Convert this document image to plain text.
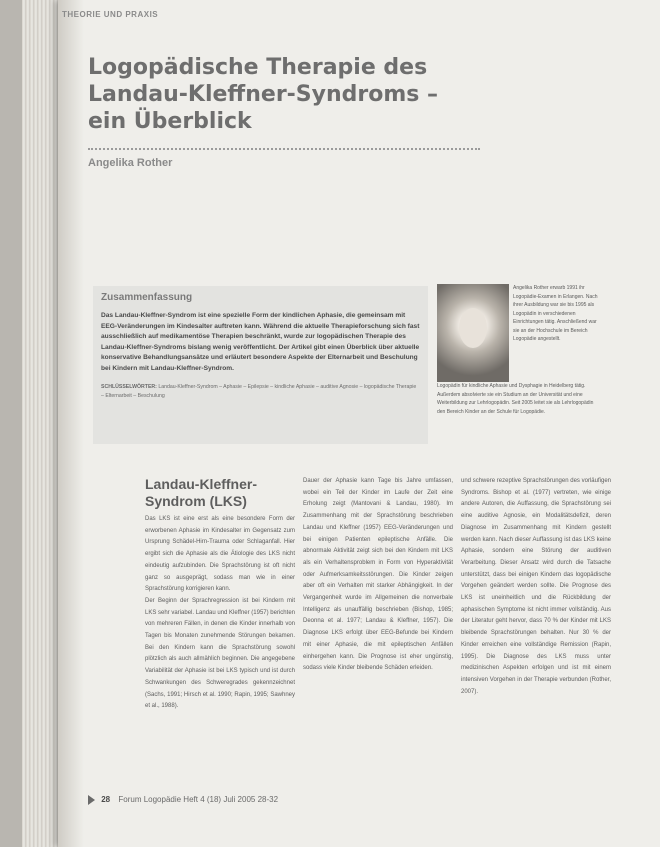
THEORIE UND PRAXIS
Logopädische Therapie des
Landau-Kleffner-Syndroms –
ein Überblick
Angelika Rother
Zusammenfassung
Das Landau-Kleffner-Syndrom ist eine spezielle Form der kindlichen Aphasie, die gemeinsam mit EEG-Veränderungen im Kindesalter auftreten kann. Während die aktuelle Therapieforschung sich fast ausschließlich auf medikamentöse Therapien beschränkt, wurde zur logopädischen Therapie des Landau-Kleffner-Syndroms bislang wenig veröffentlicht. Der Artikel gibt einen Überblick über aktuelle konservative Behandlungsansätze und erläutert besondere Aspekte der Elternarbeit und Beschulung bei Kindern mit Landau-Kleffner-Syndrom.
SCHLÜSSELWÖRTER: Landau-Kleffner-Syndrom – Aphasie – Epilepsie – kindliche Aphasie – auditive Agnosie – logopädische Therapie – Elternarbeit – Beschulung
Angelika Rother erwarb 1991 ihr Logopädie-Examen in Erlangen. Nach ihrer Ausbildung war sie bis 1995 als Logopädin in verschiedenen Einrichtungen tätig. Anschließend war sie an der Hochschule im Bereich Logopädie angestellt.
Logopädin für kindliche Aphasie und Dysphagie in Heidelberg tätig. Außerdem absolvierte sie ein Studium an der Universität und eine Weiterbildung zur Lehrlogopädin. Seit 2005 leitet sie als Lehrlogopädin den Bereich Kinder an der Schule für Logopädie.
Landau-Kleffner-Syndrom (LKS)

Das LKS ist eine erst als eine besondere Form der erworbenen Aphasie im Kindesalter im Gegensatz zum Ursprung Schädel-Hirn-Trauma oder Schlaganfall. Hier ergibt sich die Aphasie als die Ätiologie des LKS nicht eindeutig aufzubinden. Die Sprachstörung ist oft nicht ganz so ausgeprägt, sodass man wie in einer Sprachstörung korrigieren kann.

Der Beginn der Sprachregression ist bei Kindern mit LKS sehr variabel. Landau und Kleffner (1957) berichten von mehreren Fällen, in denen die Kinder innerhalb von Tagen bis Monaten zunehmende Störungen bekamen. Bei den Kindern kann die Sprachstörung sowohl plötzlich als auch allmählich beginnen. Die angegebene Variabilität der Aphasie ist bei LKS typisch und ist durch Schwankungen des Schweregrades gekennzeichnet (Sachs, 1991; Hirsch et al. 1990; Rapin, 1995; Sawhney et al., 1988).

Dauer der Aphasie kann Tage bis Jahre umfassen, wobei ein Teil der Kinder im Laufe der Zeit eine Erholung zeigt (Mantovani & Landau, 1980). Im Zusammenhang mit der Sprachstörung beschrieben Landau und Kleffner (1957) EEG-Veränderungen und bei einigen Patienten epileptische Anfälle. Die abnormale Aktivität zeigt sich bei den Kindern mit LKS als ein Verhaltensproblem in Form von Hyperaktivität oder Aufmerksamkeitsstörungen. Die Kinder zeigen aber oft ein Verhalten mit starker Abhängigkeit. In der Vergangenheit wurde im Allgemeinen die nonverbale Intelligenz als unauffällig beschrieben (Bishop, 1985; Deonna et al. 1977; Landau & Kleffner, 1957). Die Diagnose LKS erfolgt über EEG-Befunde bei Kindern mit einer Aphasie, die mit epileptischen Anfällen einhergehen kann. Die Prognose ist eher ungünstig, sodass viele Kinder bleibende Schäden erleiden.

und schwere rezeptive Sprachstörungen des vorläufigen Syndroms. Bishop et al. (1977) vertreten, wie einige andere Autoren, die Auffassung, die Sprachstörung sei eine auditive Agnosie, ein Modalitätsdefizit, deren Diagnose im Zusammenhang mit Kindern gestellt werden kann. Nach dieser Auffassung ist das LKS keine Aphasie, sondern eine Störung der auditiven Verarbeitung. Dieser Ansatz wird durch die Tatsache unterstützt, dass bei einigen Kindern das logopädische Vorgehen geändert werden sollte. Die Prognose des LKS ist uneinheitlich und die Rückbildung der aphasischen Symptome ist nicht immer vollständig. Aus der Literatur geht hervor, dass 70 % der Kinder mit LKS bleibende Sprachstörungen behalten. Nur 30 % der Kinder erreichen eine vollständige Remission (Rapin, 1995). Die Diagnose des LKS muss unter medizinischen Aspekten erfolgen und ist mit einem intensiven Vorgehen in der Therapie verbunden (Rother, 2007).

28 Forum Logopädie Heft 4 (18) Juli 2005 28-32
